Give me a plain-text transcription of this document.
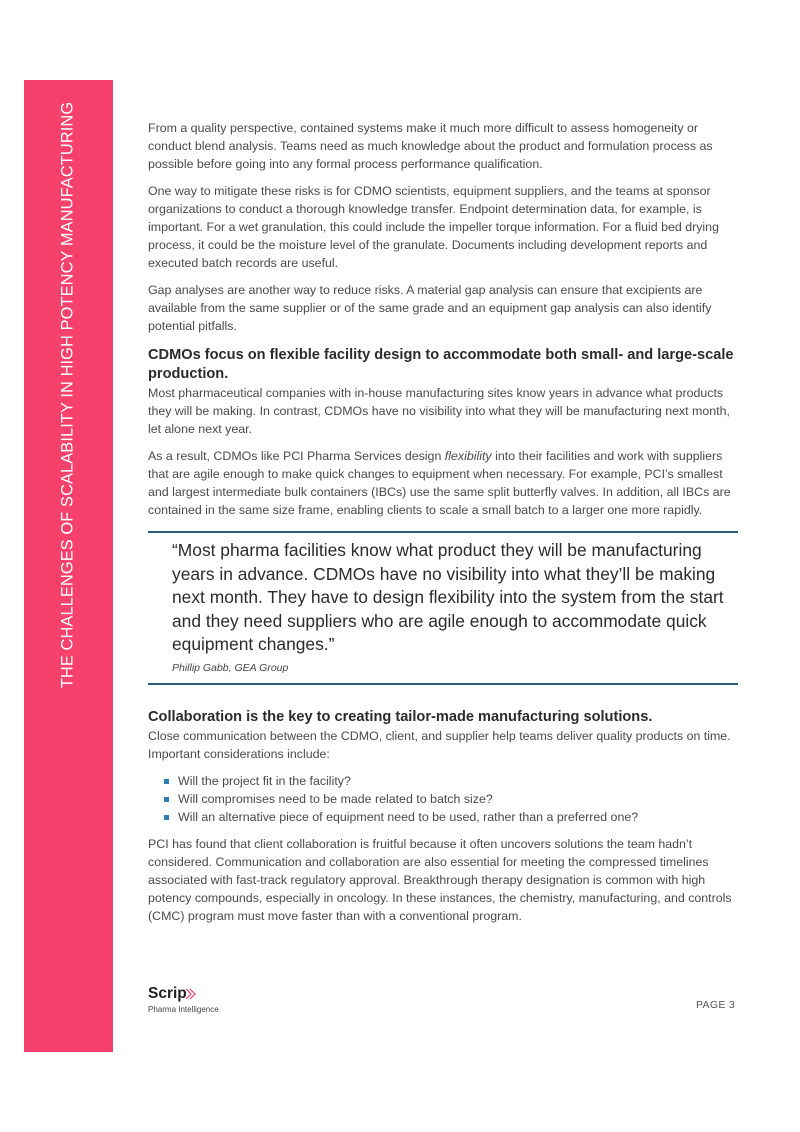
THE CHALLENGES OF SCALABILITY IN HIGH POTENCY MANUFACTURING	From a quality perspective, contained systems make it much more difficult to assess homogeneity or conduct blend analysis. Teams need as much knowledge about the product and formulation process as possible before going into any formal process performance qualification.

One way to mitigate these risks is for CDMO scientists, equipment suppliers, and the teams at sponsor organizations to conduct a thorough knowledge transfer. Endpoint determination data, for example, is important. For a wet granulation, this could include the impeller torque information. For a fluid bed drying process, it could be the moisture level of the granulate. Documents including development reports and executed batch records are useful.

Gap analyses are another way to reduce risks. A material gap analysis can ensure that excipients are available from the same supplier or of the same grade and an equipment gap analysis can also identify potential pitfalls.

CDMOs focus on flexible facility design to accommodate both small- and large-scale production.

Most pharmaceutical companies with in-house manufacturing sites know years in advance what products they will be making. In contrast, CDMOs have no visibility into what they will be manufacturing next month, let alone next year.

As a result, CDMOs like PCI Pharma Services design flexibility into their facilities and work with suppliers that are agile enough to make quick changes to equipment when necessary. For example, PCI’s smallest and largest intermediate bulk containers (IBCs) use the same split butterfly valves. In addition, all IBCs are contained in the same size frame, enabling clients to scale a small batch to a larger one more rapidly.

“Most pharma facilities know what product they will be manufacturing years in advance. CDMOs have no visibility into what they’ll be making next month. They have to design flexibility into the system from the start and they need suppliers who are agile enough to accommodate quick equipment changes.”
Phillip Gabb, GEA Group
Collaboration is the key to creating tailor-made manufacturing solutions.

Close communication between the CDMO, client, and supplier help teams deliver quality products on time. Important considerations include:

Will the project fit in the facility?
Will compromises need to be made related to batch size?
Will an alternative piece of equipment need to be used, rather than a preferred one?

PCI has found that client collaboration is fruitful because it often uncovers solutions the team hadn’t considered. Communication and collaboration are also essential for meeting the compressed timelines associated with fast-track regulatory approval. Breakthrough therapy designation is common with high potency compounds, especially in oncology. In these instances, the chemistry, manufacturing, and controls (CMC) program must move faster than with a conventional program.

Scrip
Pharma Intelligence	PAGE 3
